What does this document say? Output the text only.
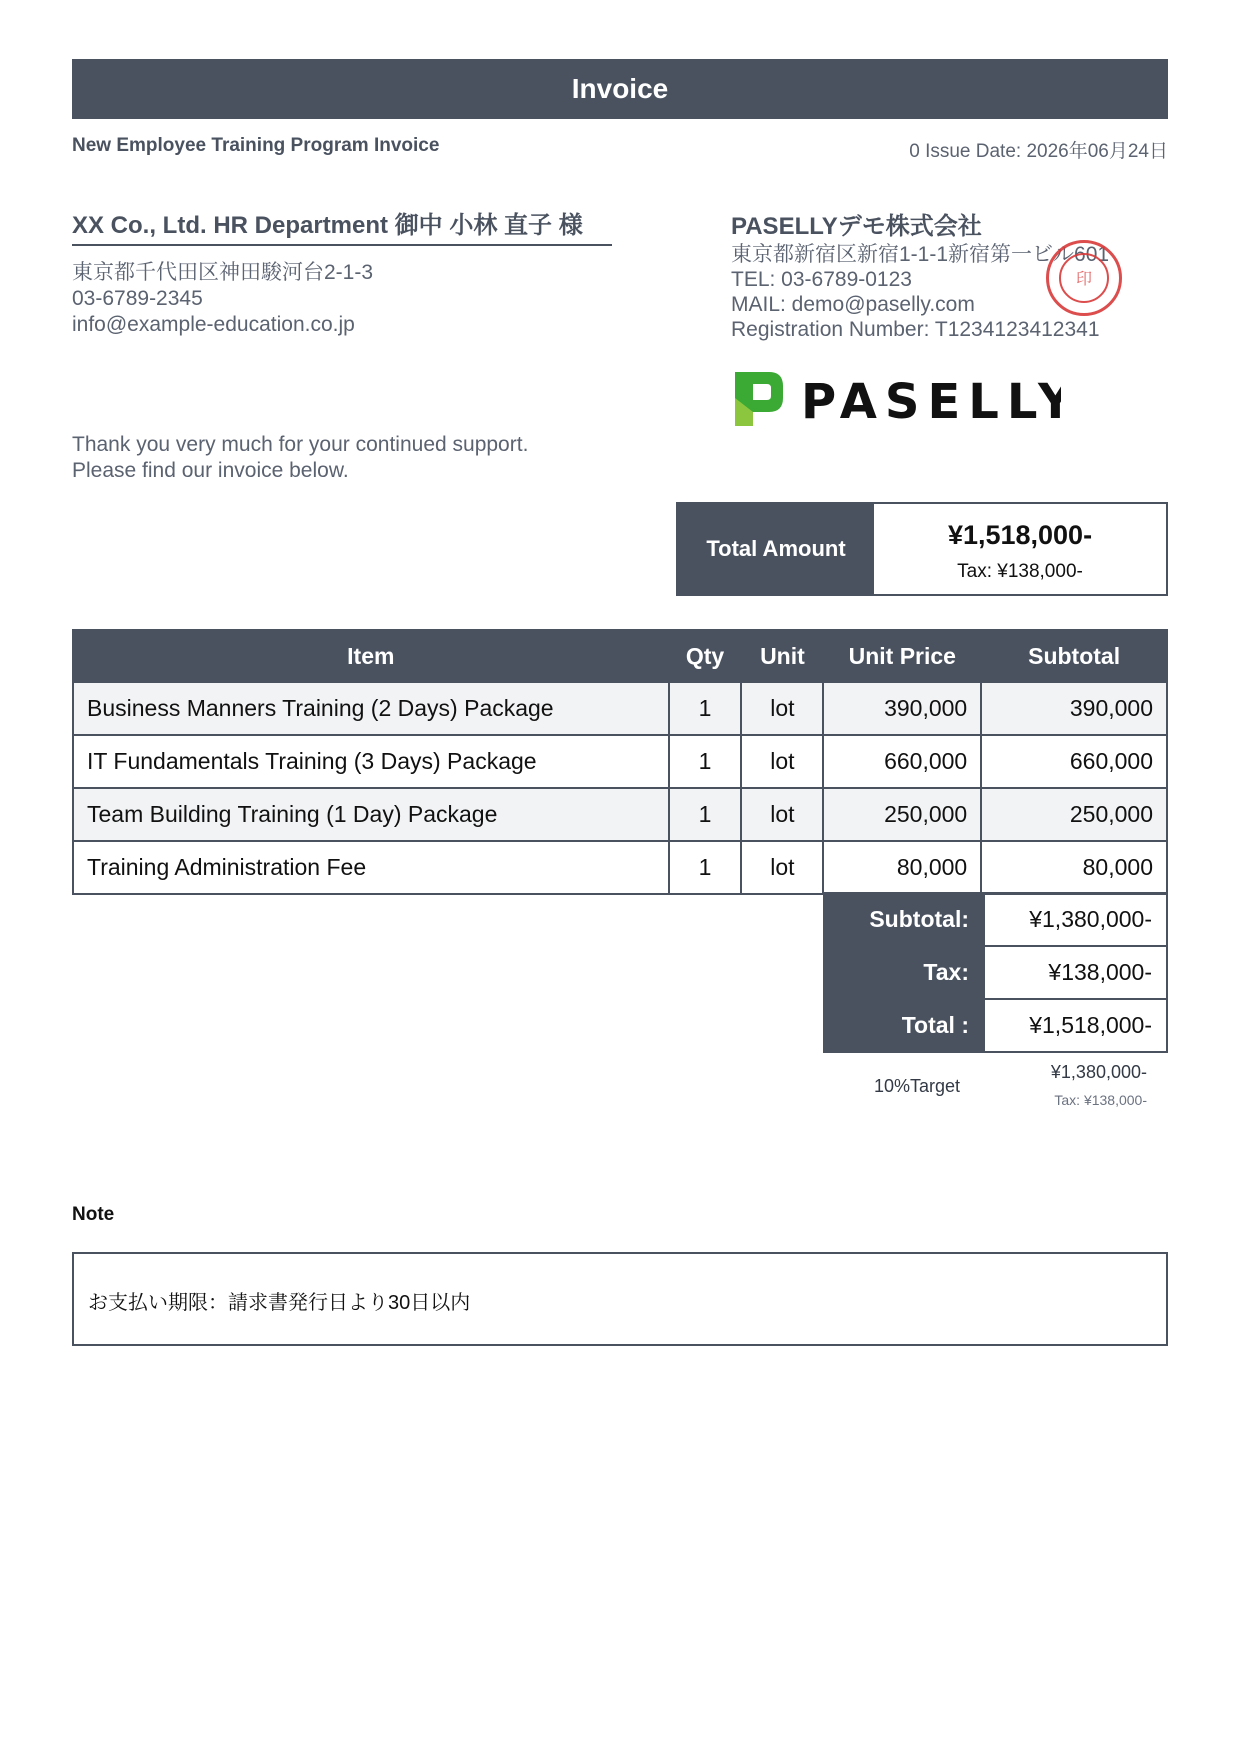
Invoice
New Employee Training Program Invoice	0 Issue Date: 2026年06月24日
XX Co., Ltd. HR Department 御中 小林 直子 様
東京都千代田区神田駿河台2-1-3
03-6789-2345
info@example-education.co.jp
Thank you very much for your continued support.
Please find our invoice below.
PASELLYデモ株式会社
東京都新宿区新宿1-1-1新宿第一ビル601
TEL: 03-6789-0123
MAIL: demo@paselly.com
Registration Number: T1234123412341
印
PASELLY
Total Amount	¥1,518,000-
Tax: ¥138,000-
Item	Qty	Unit	Unit Price	Subtotal
Business Manners Training (2 Days) Package	1	lot	390,000	390,000
IT Fundamentals Training (3 Days) Package	1	lot	660,000	660,000
Team Building Training (1 Day) Package	1	lot	250,000	250,000
Training Administration Fee	1	lot	80,000	80,000
Subtotal:	¥1,380,000-
Tax:	¥138,000-
Total :	¥1,518,000-
10%Target
¥1,380,000-
Tax: ¥138,000-
Note
お支払い期限：請求書発行日より30日以内
